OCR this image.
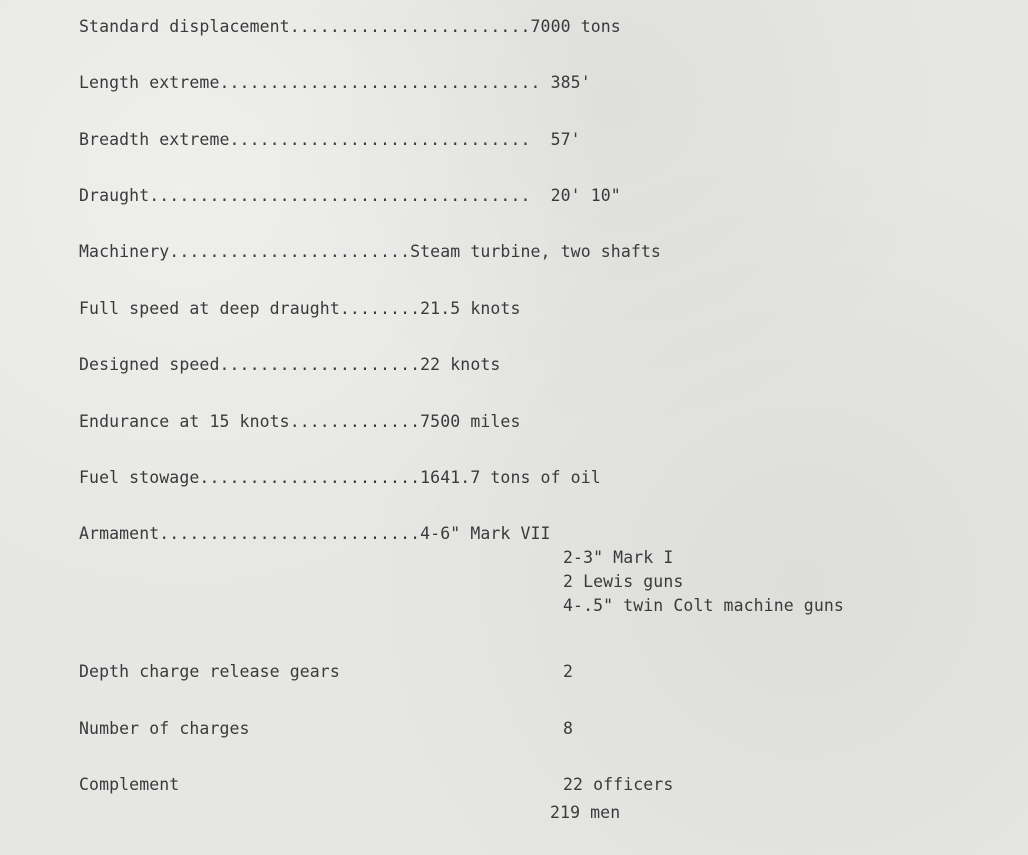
Standard displacement........................7000 tons
Length extreme................................ 385'
Breadth extreme..............................  57'
Draught......................................  20' 10"
Machinery........................Steam turbine, two shafts
Full speed at deep draught........21.5 knots
Designed speed....................22 knots
Endurance at 15 knots.............7500 miles
Fuel stowage......................1641.7 tons of oil
Armament..........................4-6" Mark VII
2-3" Mark I
2 Lewis guns
4-.5" twin Colt machine guns
Depth charge release gears	2
Number of charges	8
Complement	22 officers
219 men
